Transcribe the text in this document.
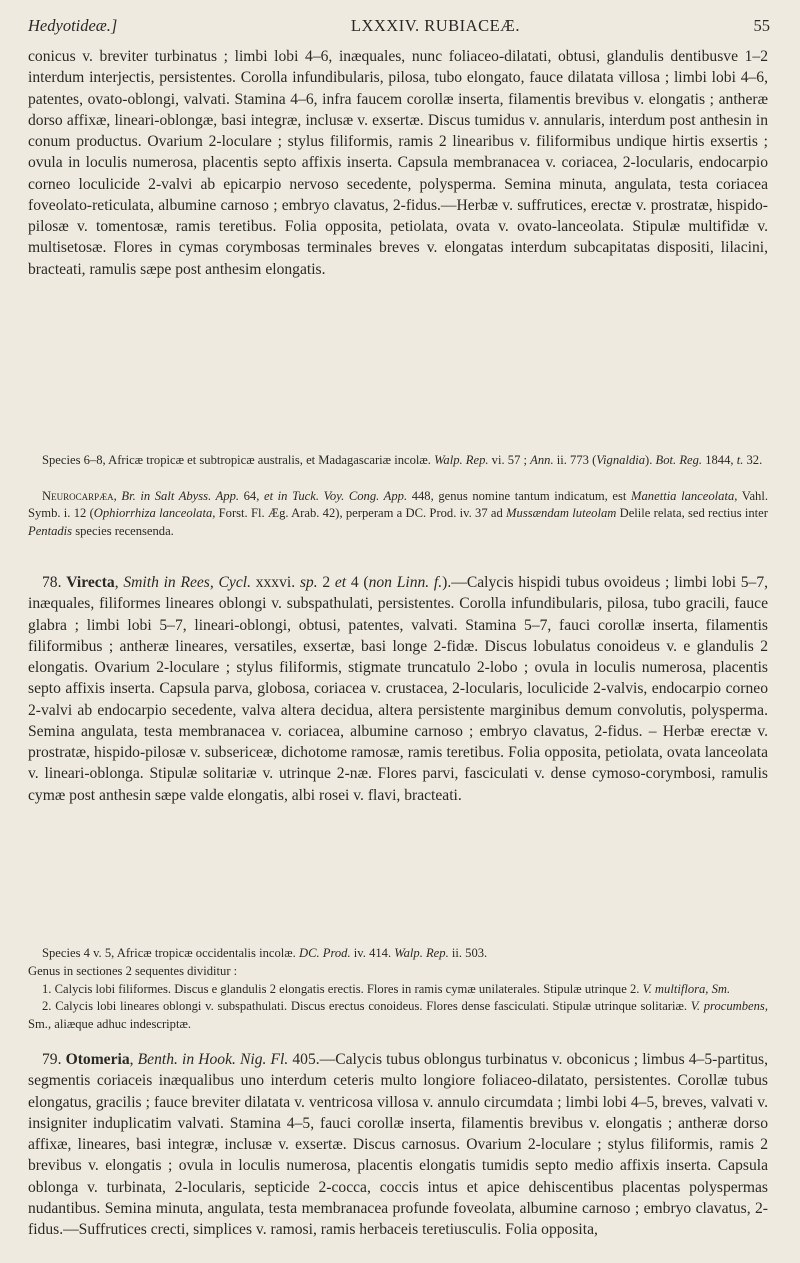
Hedyotideæ.]	LXXXIV. RUBIACEÆ.	55

conicus v. breviter turbinatus ; limbi lobi 4–6, inæquales, nunc foliaceo-dilatati, obtusi, glandulis dentibusve 1–2 interdum interjectis, persistentes. Corolla infundibularis, pilosa, tubo elongato, fauce dilatata villosa ; limbi lobi 4–6, patentes, ovato-oblongi, valvati. Stamina 4–6, infra faucem corollæ inserta, filamentis brevibus v. elongatis ; antheræ dorso affixæ, lineari-oblongæ, basi integræ, inclusæ v. exsertæ. Discus tumidus v. annularis, interdum post anthesin in conum productus. Ovarium 2-loculare ; stylus filiformis, ramis 2 linearibus v. filiformibus undique hirtis exsertis ; ovula in loculis numerosa, placentis septo affixis inserta. Capsula membranacea v. coriacea, 2-locularis, endocarpio corneo loculicide 2-valvi ab epicarpio nervoso secedente, polysperma. Semina minuta, angulata, testa coriacea foveolato-reticulata, albumine carnoso ; embryo clavatus, 2-fidus.—Herbæ v. suffrutices, erectæ v. prostratæ, hispido-pilosæ v. tomentosæ, ramis teretibus. Folia opposita, petiolata, ovata v. ovato-lanceolata. Stipulæ multifidæ v. multisetosæ. Flores in cymas corymbosas terminales breves v. elongatas interdum subcapitatas dispositi, lilacini, bracteati, ramulis sæpe post anthesim elongatis.

Species 6–8, Africæ tropicæ et subtropicæ australis, et Madagascariæ incolæ. Walp. Rep. vi. 57 ; Ann. ii. 773 (Vignaldia). Bot. Reg. 1844, t. 32.

Neurocarpæa, Br. in Salt Abyss. App. 64, et in Tuck. Voy. Cong. App. 448, genus nomine tantum indicatum, est Manettia lanceolata, Vahl. Symb. i. 12 (Ophiorrhiza lanceolata, Forst. Fl. Æg. Arab. 42), perperam a DC. Prod. iv. 37 ad Mussændam luteolam Delile relata, sed rectius inter Pentadis species recensenda.

78. Virecta, Smith in Rees, Cycl. xxxvi. sp. 2 et 4 (non Linn. f.).—Calycis hispidi tubus ovoideus ; limbi lobi 5–7, inæquales, filiformes lineares oblongi v. subspathulati, persistentes. Corolla infundibularis, pilosa, tubo gracili, fauce glabra ; limbi lobi 5–7, lineari-oblongi, obtusi, patentes, valvati. Stamina 5–7, fauci corollæ inserta, filamentis filiformibus ; antheræ lineares, versatiles, exsertæ, basi longe 2-fidæ. Discus lobulatus conoideus v. e glandulis 2 elongatis. Ovarium 2-loculare ; stylus filiformis, stigmate truncatulo 2-lobo ; ovula in loculis numerosa, placentis septo affixis inserta. Capsula parva, globosa, coriacea v. crustacea, 2-locularis, loculicide 2-valvis, endocarpio corneo 2-valvi ab endocarpio secedente, valva altera decidua, altera persistente marginibus demum convolutis, polysperma. Semina angulata, testa membranacea v. coriacea, albumine carnoso ; embryo clavatus, 2-fidus. – Herbæ erectæ v. prostratæ, hispido-pilosæ v. subsericeæ, dichotome ramosæ, ramis teretibus. Folia opposita, petiolata, ovata lanceolata v. lineari-oblonga. Stipulæ solitariæ v. utrinque 2-næ. Flores parvi, fasciculati v. dense cymoso-corymbosi, ramulis cymæ post anthesin sæpe valde elongatis, albi rosei v. flavi, bracteati.

Species 4 v. 5, Africæ tropicæ occidentalis incolæ. DC. Prod. iv. 414. Walp. Rep. ii. 503.

Genus in sectiones 2 sequentes dividitur :

1. Calycis lobi filiformes. Discus e glandulis 2 elongatis erectis. Flores in ramis cymæ unilaterales. Stipulæ utrinque 2. V. multiflora, Sm.

2. Calycis lobi lineares oblongi v. subspathulati. Discus erectus conoideus. Flores dense fasciculati. Stipulæ utrinque solitariæ. V. procumbens, Sm., aliæque adhuc indescriptæ.

79. Otomeria, Benth. in Hook. Nig. Fl. 405.—Calycis tubus oblongus turbinatus v. obconicus ; limbus 4–5-partitus, segmentis coriaceis inæqualibus uno interdum ceteris multo longiore foliaceo-dilatato, persistentes. Corollæ tubus elongatus, gracilis ; fauce breviter dilatata v. ventricosa villosa v. annulo circumdata ; limbi lobi 4–5, breves, valvati v. insigniter induplicatim valvati. Stamina 4–5, fauci corollæ inserta, filamentis brevibus v. elongatis ; antheræ dorso affixæ, lineares, basi integræ, inclusæ v. exsertæ. Discus carnosus. Ovarium 2-loculare ; stylus filiformis, ramis 2 brevibus v. elongatis ; ovula in loculis numerosa, placentis elongatis tumidis septo medio affixis inserta. Capsula oblonga v. turbinata, 2-locularis, septicide 2-cocca, coccis intus et apice dehiscentibus placentas polyspermas nudantibus. Semina minuta, angulata, testa membranacea profunde foveolata, albumine carnoso ; embryo clavatus, 2-fidus.—Suffrutices crecti, simplices v. ramosi, ramis herbaceis teretiusculis. Folia opposita,
